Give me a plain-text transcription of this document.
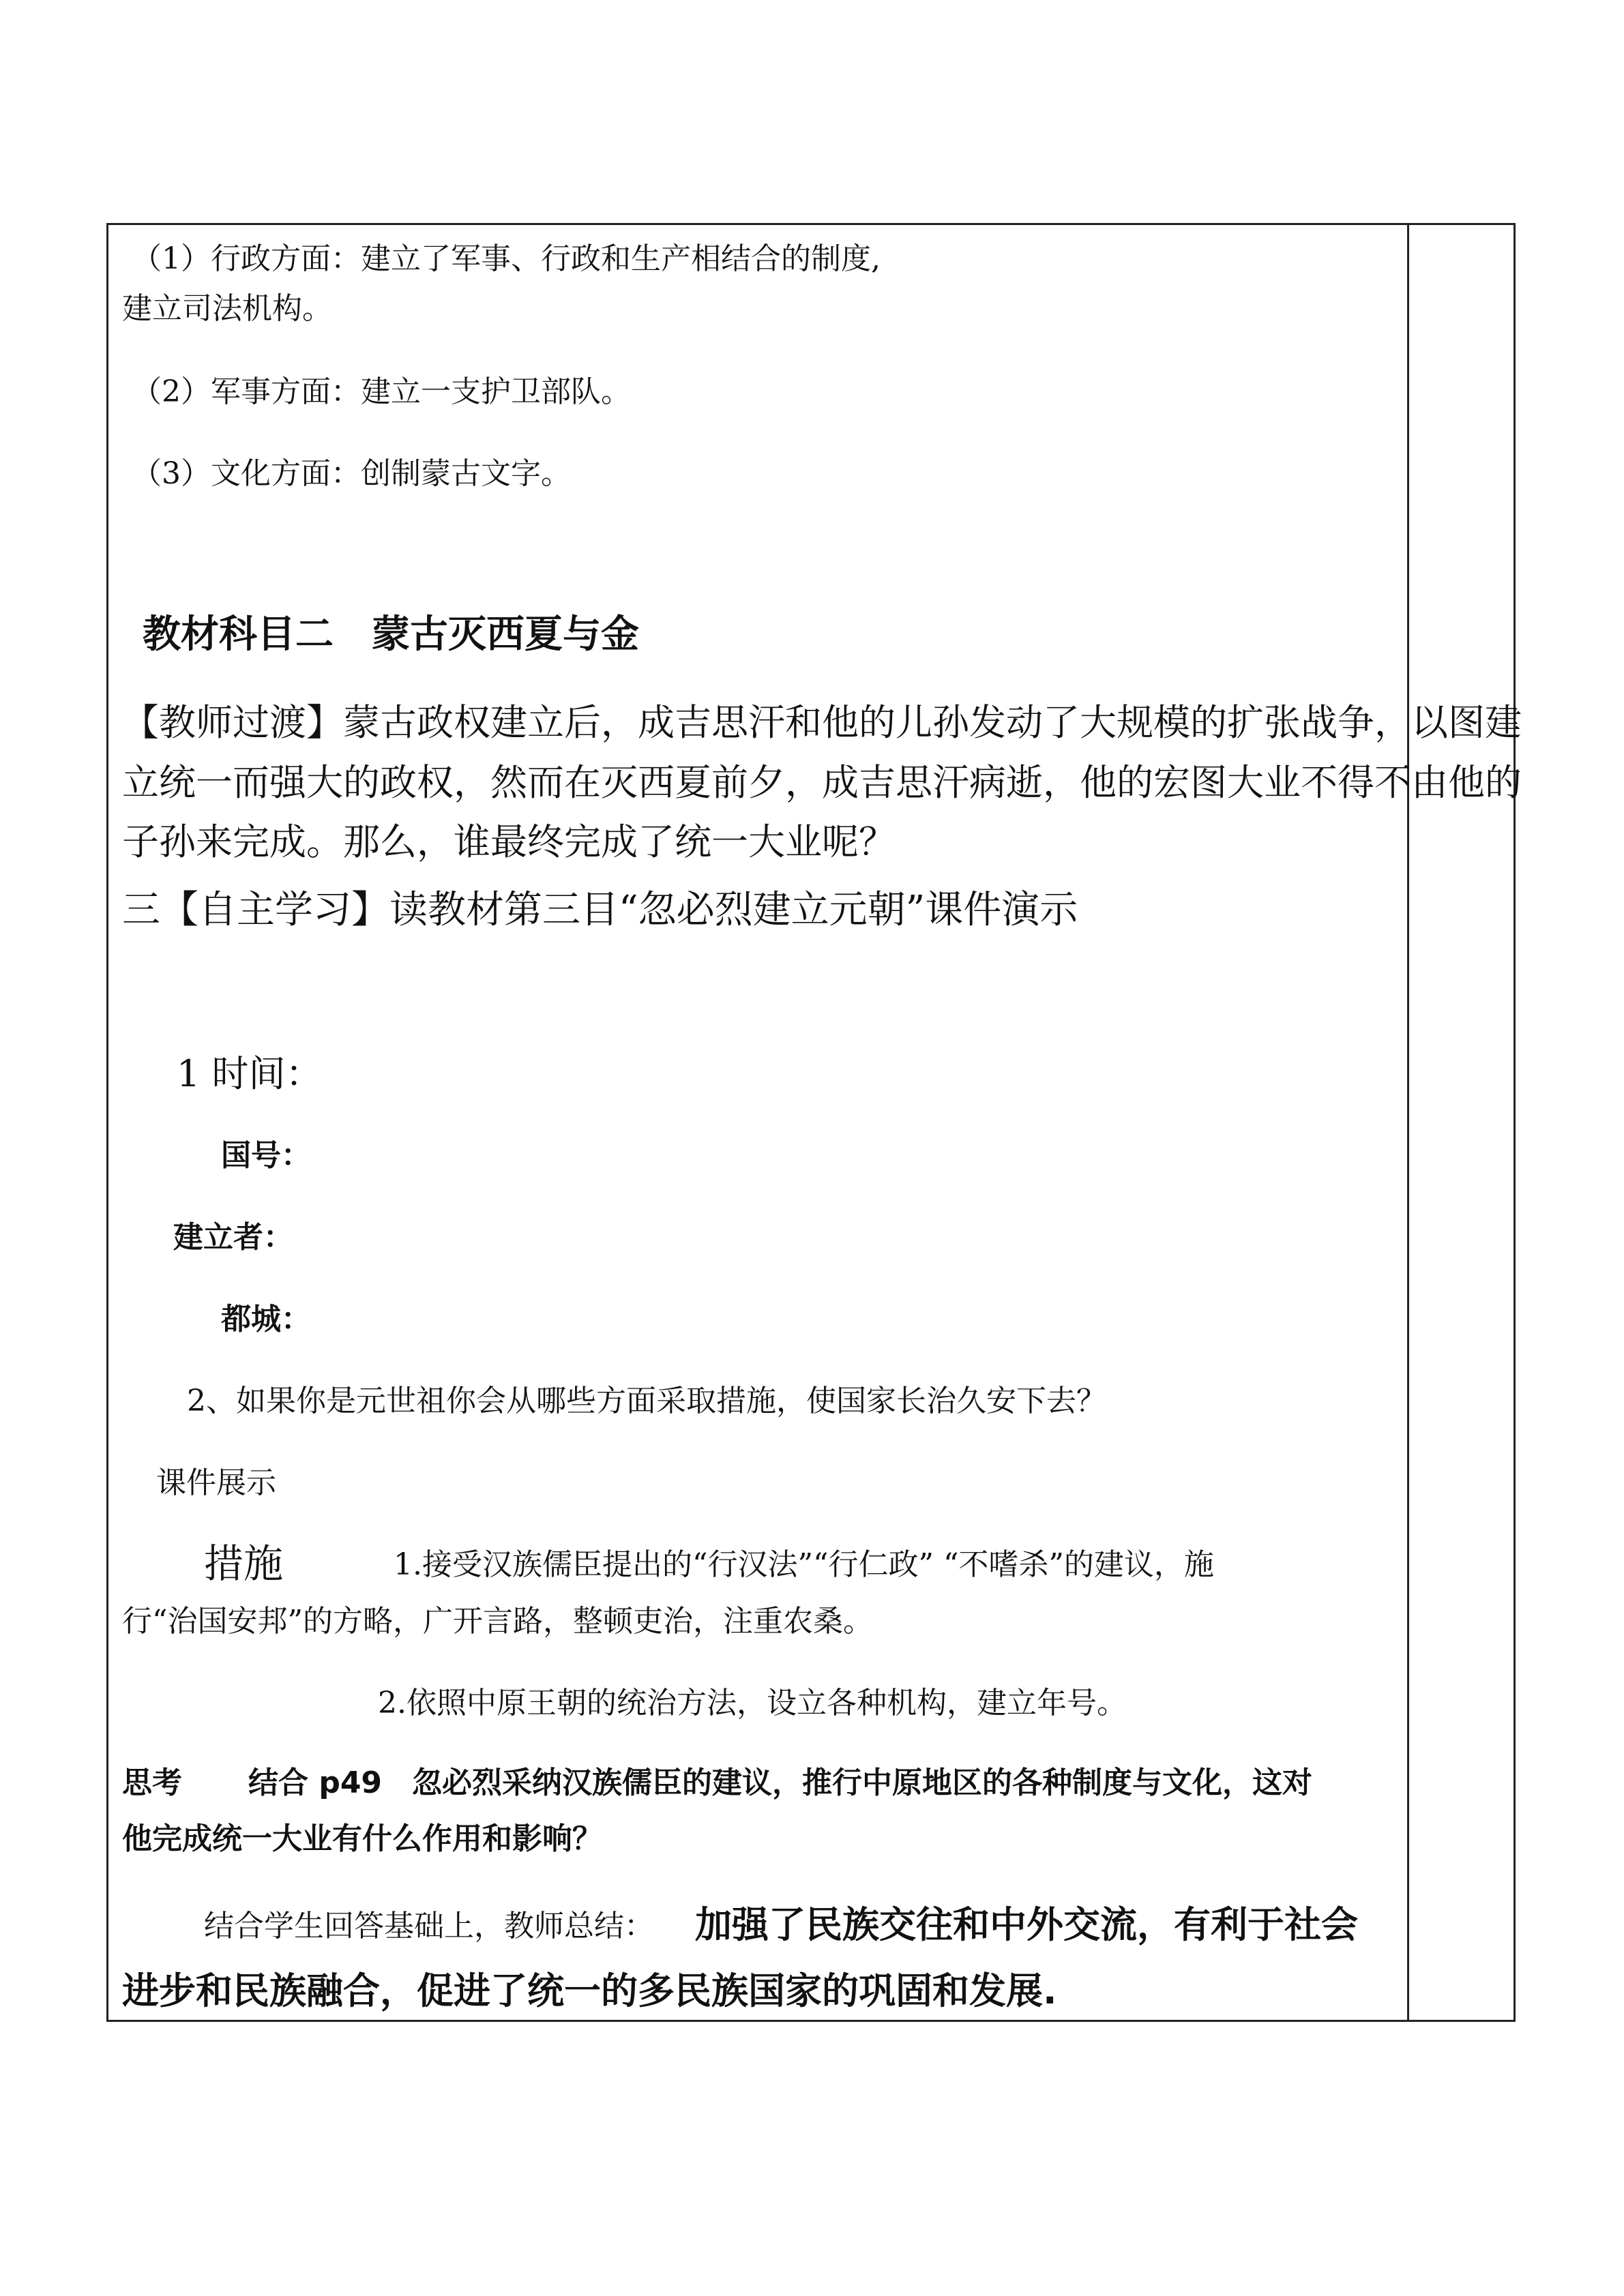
（1）行政方面：建立了军事、行政和生产相结合的制度,
建立司法机构。
（2）军事方面：建立一支护卫部队。
（3）文化方面：创制蒙古文字。
教材科目二　蒙古灭西夏与金
【教师过渡】蒙古政权建立后，成吉思汗和他的儿孙发动了大规模的扩张战争，以图建
立统一而强大的政权，然而在灭西夏前夕，成吉思汗病逝，他的宏图大业不得不由他的
子孙来完成。那么，谁最终完成了统一大业呢？
三【自主学习】读教材第三目“忽必烈建立元朝”课件演示
1 时间：
国号：
建立者：
都城：
2、如果你是元世祖你会从哪些方面采取措施，使国家长治久安下去？
课件展示
措施	1.接受汉族儒臣提出的“行汉法”“行仁政” “不嗜杀”的建议，施
行“治国安邦”的方略，广开言路，整顿吏治，注重农桑。
2.依照中原王朝的统治方法，设立各种机构，建立年号。
思考 结合 p49 忽必烈采纳汉族儒臣的建议，推行中原地区的各种制度与文化，这对
他完成统一大业有什么作用和影响？
结合学生回答基础上，教师总结： 加强了民族交往和中外交流，有利于社会
进步和民族融合，促进了统一的多民族国家的巩固和发展.
